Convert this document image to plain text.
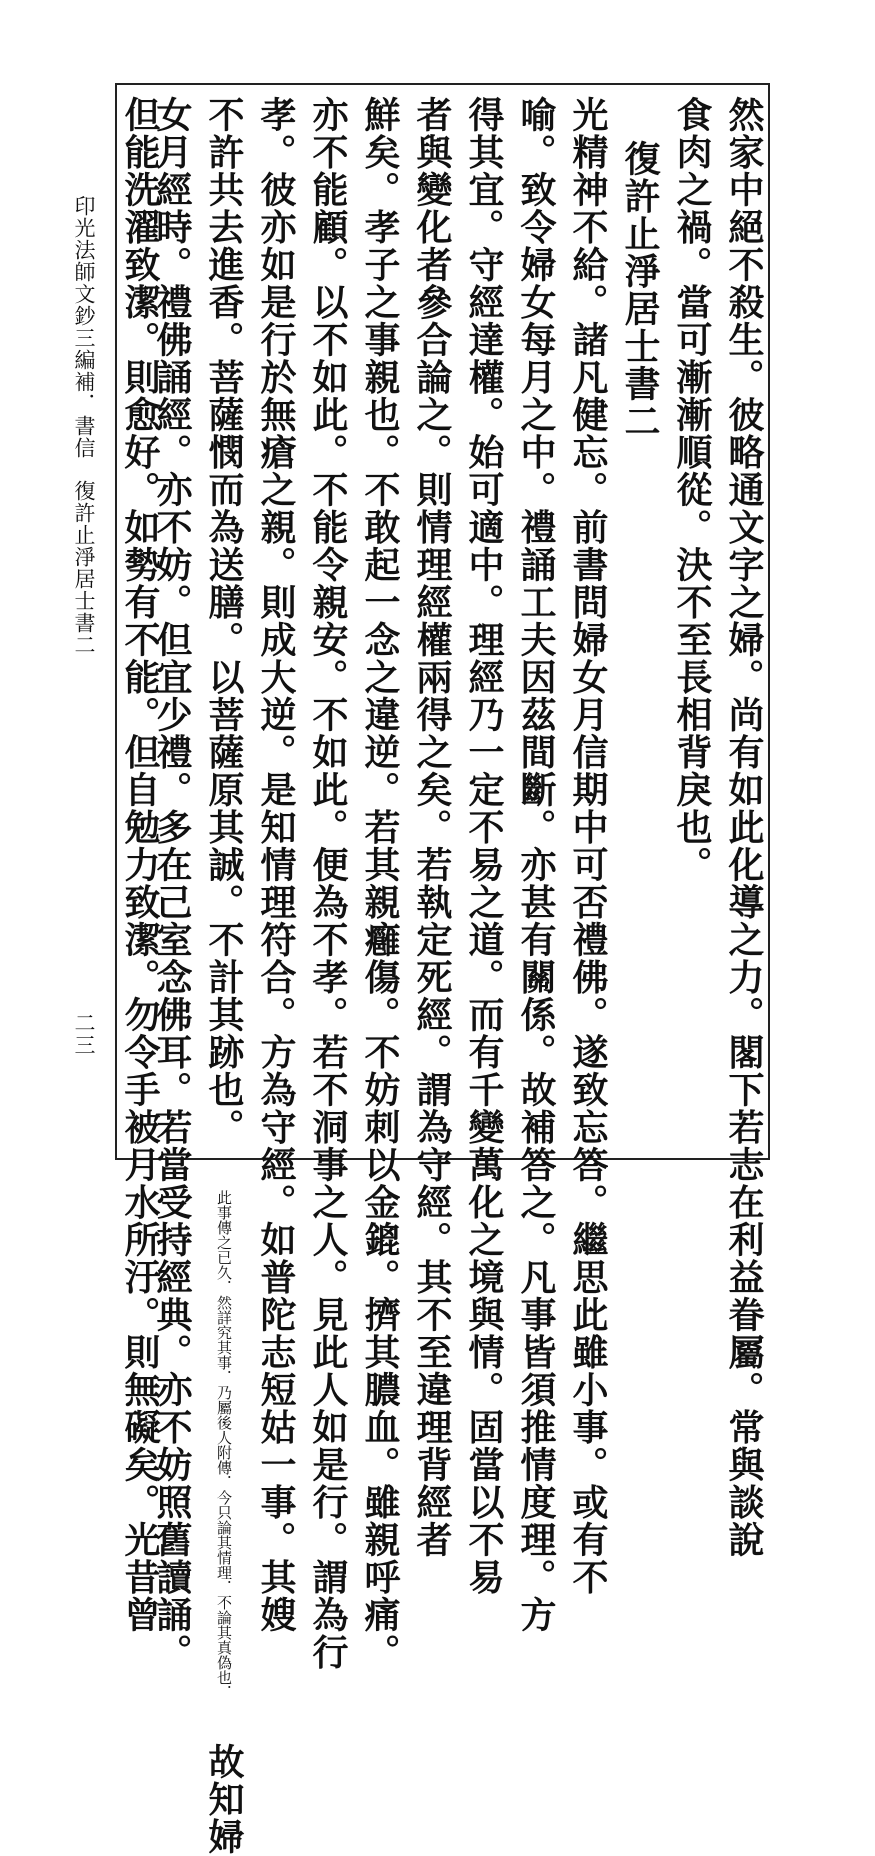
然家中絕不殺生。彼略通文字之婦。尚有如此化導之力。閣下若志在利益眷屬。常與談說
食肉之禍。當可漸漸順從。決不至長相背戾也。
復許止淨居士書二
光精神不給。諸凡健忘。前書問婦女月信期中可否禮佛。遂致忘答。繼思此雖小事。或有不
喻。致令婦女每月之中。禮誦工夫因茲間斷。亦甚有關係。故補答之。凡事皆須推情度理。方
得其宜。守經達權。始可適中。理經乃一定不易之道。而有千變萬化之境與情。固當以不易
者與變化者參合論之。則情理經權兩得之矣。若執定死經。謂為守經。其不至違理背經者
鮮矣。孝子之事親也。不敢起一念之違逆。若其親癰傷。不妨刺以金鎞。擠其膿血。雖親呼痛。
亦不能顧。以不如此。不能令親安。不如此。便為不孝。若不洞事之人。見此人如是行。謂為行
孝。彼亦如是行於無瘡之親。則成大逆。是知情理符合。方為守經。如普陀志短姑一事。其嫂
不許共去進香。菩薩憫而為送膳。以菩薩原其誠。不計其跡也。 此事傳之已久．然詳究其事．乃屬後人附傳．今只論其情理．不論其真偽也． 故知婦
女月經時。禮佛誦經。亦不妨。但宜少禮。多在己室念佛耳。若當受持經典。亦不妨照舊讀誦。
但能洗濯致潔。則愈好。如勢有不能。但自勉力致潔。勿令手被月水所汙。則無礙矣。光昔曾
印光法師文鈔三編補．書信
復許止淨居士書二
二三
